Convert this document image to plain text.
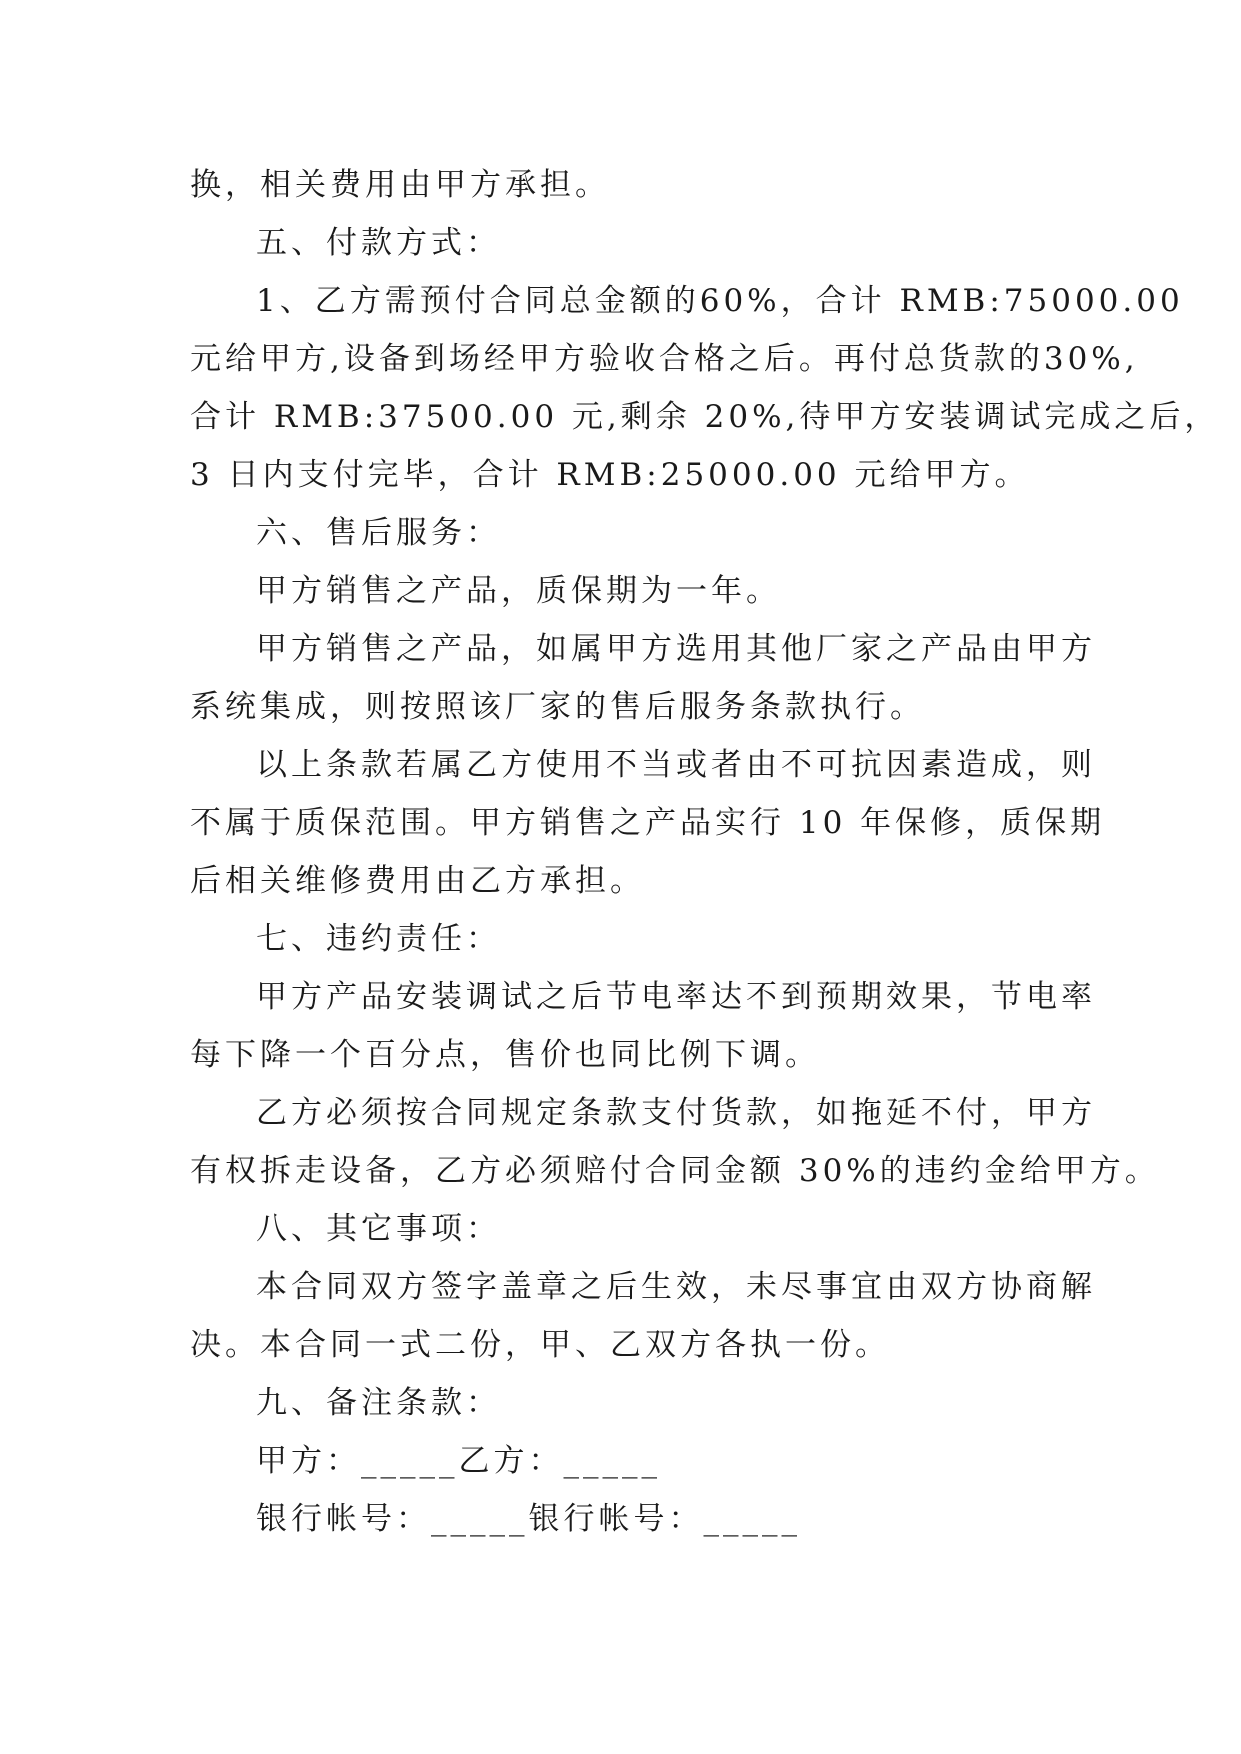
换，相关费用由甲方承担。
五、付款方式：
1、乙方需预付合同总金额的60%，合计 RMB:75000.00
元给甲方,设备到场经甲方验收合格之后。再付总货款的30%,
合计 RMB:37500.00 元,剩余 20%,待甲方安装调试完成之后，
3 日内支付完毕，合计 RMB:25000.00 元给甲方。
六、售后服务：
甲方销售之产品，质保期为一年。
甲方销售之产品，如属甲方选用其他厂家之产品由甲方
系统集成，则按照该厂家的售后服务条款执行。
以上条款若属乙方使用不当或者由不可抗因素造成，则
不属于质保范围。甲方销售之产品实行 10 年保修，质保期
后相关维修费用由乙方承担。
七、违约责任：
甲方产品安装调试之后节电率达不到预期效果，节电率
每下降一个百分点，售价也同比例下调。
乙方必须按合同规定条款支付货款，如拖延不付，甲方
有权拆走设备，乙方必须赔付合同金额 30%的违约金给甲方。
八、其它事项：
本合同双方签字盖章之后生效，未尽事宜由双方协商解
决。本合同一式二份，甲、乙双方各执一份。
九、备注条款：
甲方：_____乙方：_____
银行帐号：_____银行帐号：_____
